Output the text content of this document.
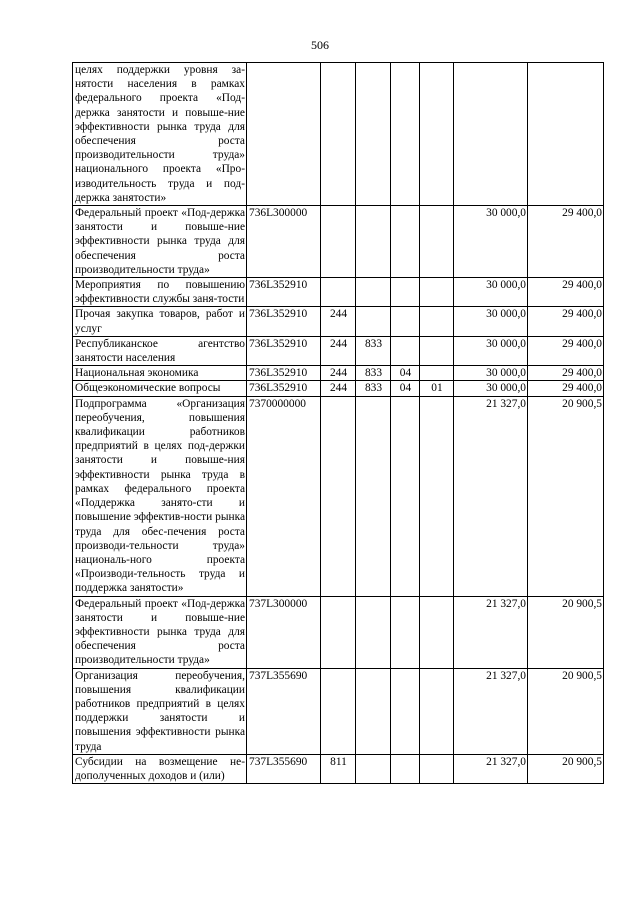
506
целях поддержки уровня за-нятости населения в рамках федерального проекта «Под-держка занятости и повыше-ние эффективности рынка труда для обеспечения роста производительности труда» национального проекта «Про-изводительность труда и под-держка занятости»							
Федеральный проект «Под-держка занятости и повыше-ние эффективности рынка труда для обеспечения роста производительности труда»	736L300000					30 000,0	29 400,0
Мероприятия по повышению эффективности службы заня-тости	736L352910					30 000,0	29 400,0
Прочая закупка товаров, работ и услуг	736L352910	244				30 000,0	29 400,0
Республиканское агентство занятости населения	736L352910	244	833			30 000,0	29 400,0
Национальная экономика	736L352910	244	833	04		30 000,0	29 400,0
Общеэкономические вопросы	736L352910	244	833	04	01	30 000,0	29 400,0
Подпрограмма «Организация переобучения, повышения квалификации работников предприятий в целях под-держки занятости и повыше-ния эффективности рынка труда в рамках федерального проекта «Поддержка занято-сти и повышение эффектив-ности рынка труда для обес-печения роста производи-тельности труда» националь-ного проекта «Производи-тельность труда и поддержка занятости»	7370000000					21 327,0	20 900,5
Федеральный проект «Под-держка занятости и повыше-ние эффективности рынка труда для обеспечения роста производительности труда»	737L300000					21 327,0	20 900,5
Организация переобучения, повышения квалификации работников предприятий в целях поддержки занятости и повышения эффективности рынка труда	737L355690					21 327,0	20 900,5
Субсидии на возмещение не-дополученных доходов и (или)	737L355690	811				21 327,0	20 900,5
